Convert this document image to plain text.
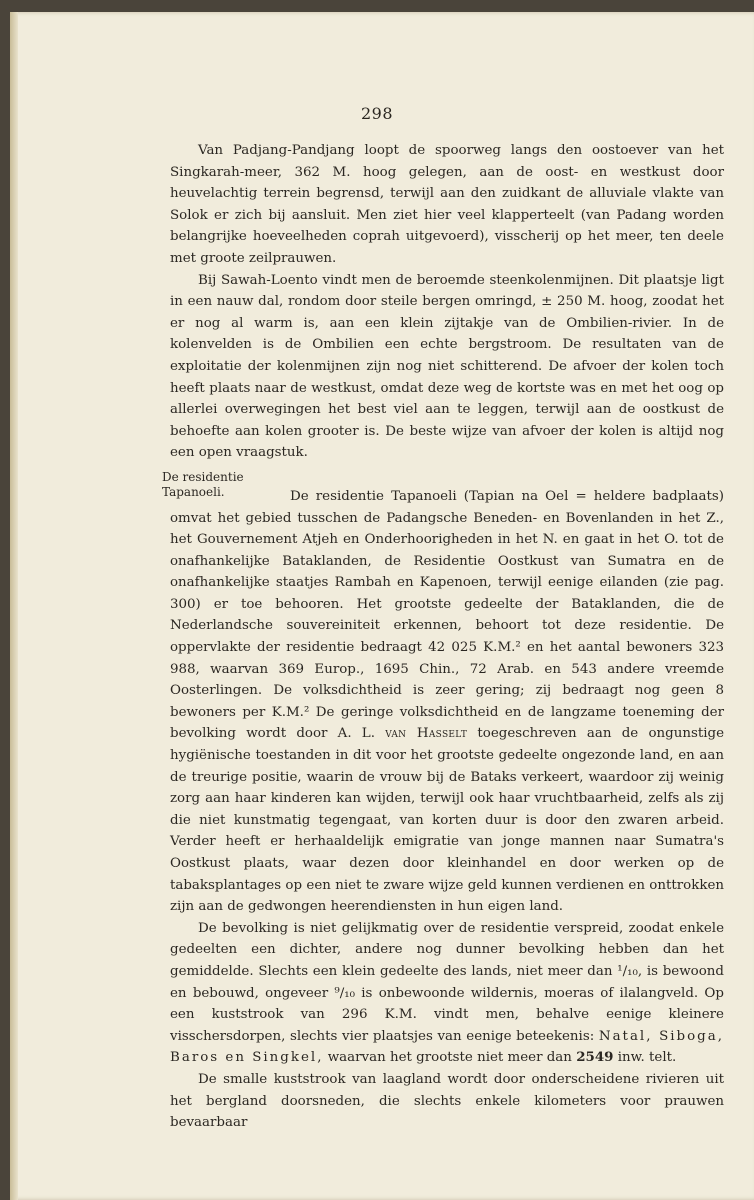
298
De residentie
Tapanoeli.

Van Padjang-Pandjang loopt de spoorweg langs den oostoever van het Singkarah-meer, 362 M. hoog gelegen, aan de oost- en westkust door heuvelachtig terrein begrensd, terwijl aan den zuidkant de alluviale vlakte van Solok er zich bij aansluit. Men ziet hier veel klapperteelt (van Padang worden belangrijke hoeveelheden coprah uitgevoerd), visscherij op het meer, ten deele met groote zeilprauwen.

Bij Sawah-Loento vindt men de beroemde steenkolenmijnen. Dit plaatsje ligt in een nauw dal, rondom door steile bergen omringd, ± 250 M. hoog, zoodat het er nog al warm is, aan een klein zijtakje van de Ombilien-rivier. In de kolenvelden is de Ombilien een echte bergstroom. De resultaten van de exploitatie der kolenmijnen zijn nog niet schitterend. De afvoer der kolen toch heeft plaats naar de westkust, omdat deze weg de kortste was en met het oog op allerlei overwegingen het best viel aan te leggen, terwijl aan de oostkust de behoefte aan kolen grooter is. De beste wijze van afvoer der kolen is altijd nog een open vraagstuk.

De residentie Tapanoeli (Tapian na Oel = heldere badplaats) omvat het gebied tusschen de Padangsche Beneden- en Bovenlanden in het Z., het Gouvernement Atjeh en Onderhoorigheden in het N. en gaat in het O. tot de onafhankelijke Bataklanden, de Residentie Oostkust van Sumatra en de onafhankelijke staatjes Rambah en Kapenoen, terwijl eenige eilanden (zie pag. 300) er toe behooren. Het grootste gedeelte der Bataklanden, die de Nederlandsche souvereiniteit erkennen, behoort tot deze residentie. De oppervlakte der residentie bedraagt 42 025 K.M.² en het aantal bewoners 323 988, waarvan 369 Europ., 1695 Chin., 72 Arab. en 543 andere vreemde Oosterlingen. De volksdichtheid is zeer gering; zij bedraagt nog geen 8 bewoners per K.M.² De geringe volksdichtheid en de langzame toeneming der bevolking wordt door A. L. van Hasselt toegeschreven aan de ongunstige hygiënische toestanden in dit voor het grootste gedeelte ongezonde land, en aan de treurige positie, waarin de vrouw bij de Bataks verkeert, waardoor zij weinig zorg aan haar kinderen kan wijden, terwijl ook haar vruchtbaarheid, zelfs als zij die niet kunstmatig tegengaat, van korten duur is door den zwaren arbeid. Verder heeft er herhaaldelijk emigratie van jonge mannen naar Sumatra's Oostkust plaats, waar dezen door kleinhandel en door werken op de tabaksplantages op een niet te zware wijze geld kunnen verdienen en onttrokken zijn aan de gedwongen heerendiensten in hun eigen land.

De bevolking is niet gelijkmatig over de residentie verspreid, zoodat enkele gedeelten een dichter, andere nog dunner bevolking hebben dan het gemiddelde. Slechts een klein gedeelte des lands, niet meer dan ¹/₁₀, is bewoond en bebouwd, ongeveer ⁹/₁₀ is onbewoonde wildernis, moeras of ilalangveld. Op een kuststrook van 296 K.M. vindt men, behalve eenige kleinere visschersdorpen, slechts vier plaatsjes van eenige beteekenis: Natal, Siboga, Baros en Singkel, waarvan het grootste niet meer dan 2549 inw. telt.

De smalle kuststrook van laagland wordt door onderscheidene rivieren uit het bergland doorsneden, die slechts enkele kilometers voor prauwen bevaarbaar
